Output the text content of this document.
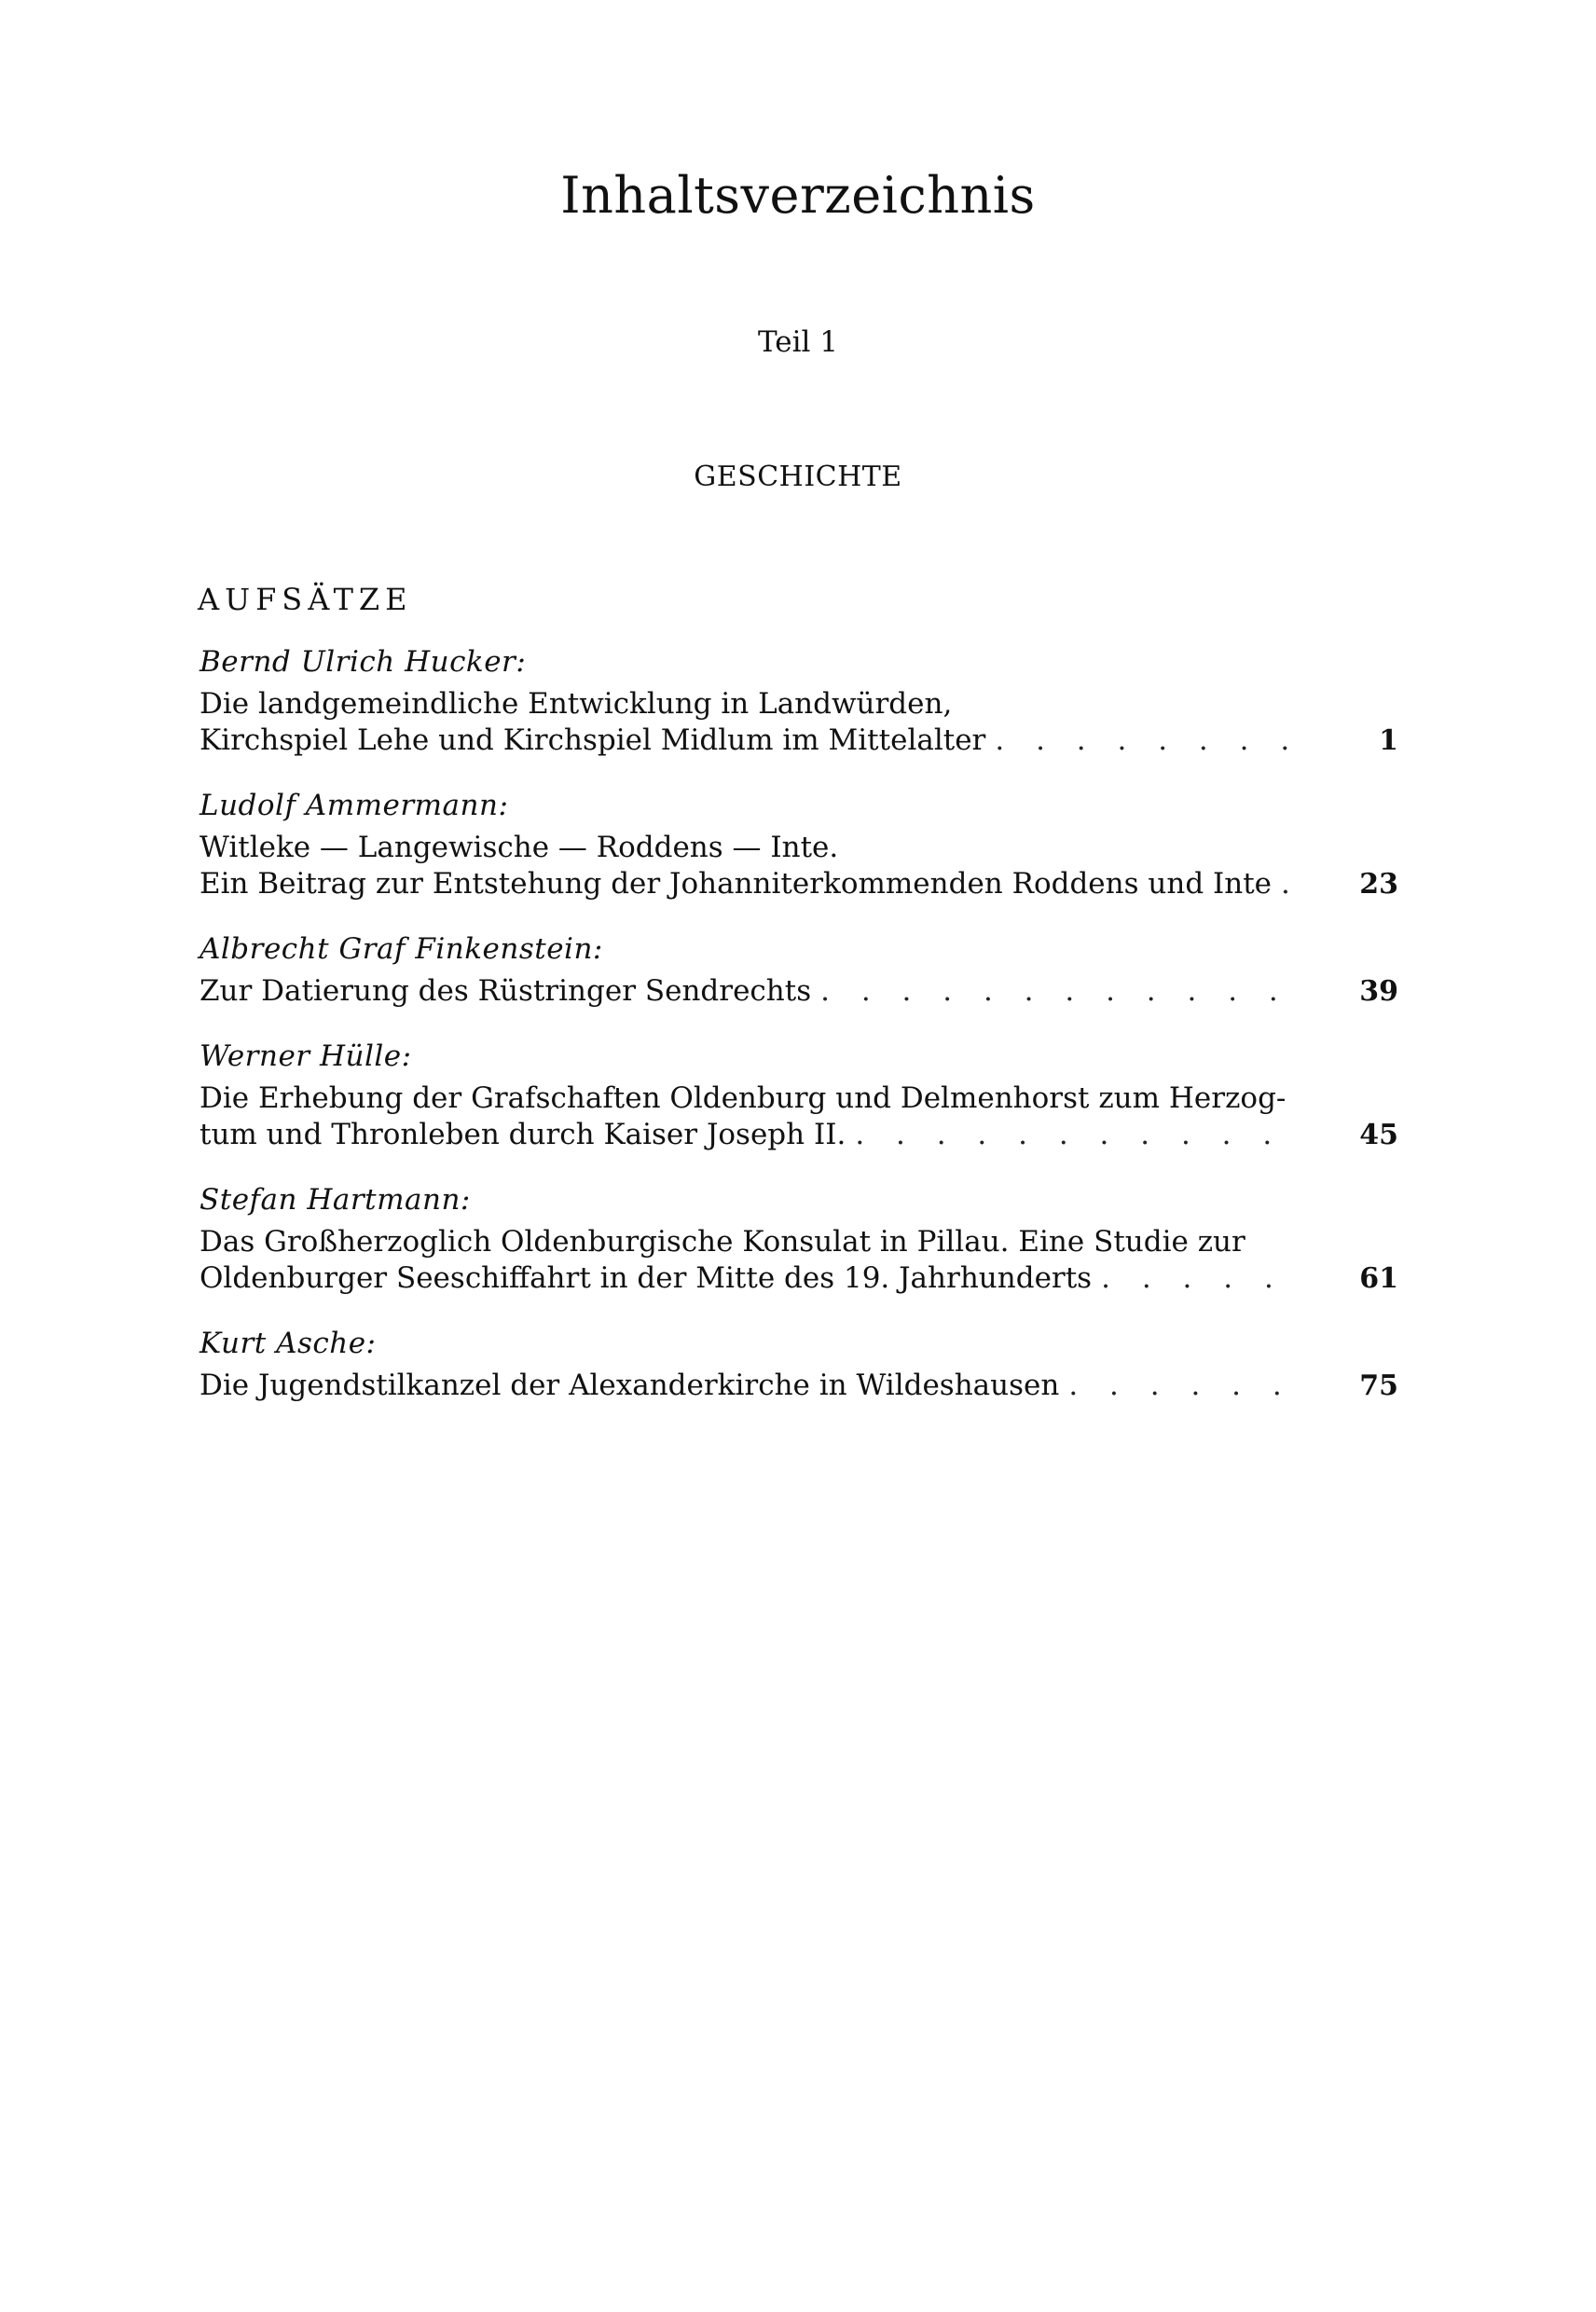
Inhaltsverzeichnis
Teil 1
GESCHICHTE
AUFSÄTZE
Bernd Ulrich Hucker:
Die landgemeindliche Entwicklung in Landwürden,
Kirchspiel Lehe und Kirchspiel Midlum im Mittelalter . . .	1
Ludolf Ammermann:
Witleke — Langewische — Roddens — Inte.
Ein Beitrag zur Entstehung der Johanniterkommenden Roddens und Inte . . .	23
Albrecht Graf Finkenstein:
Zur Datierung des Rüstringer Sendrechts . . .	39
Werner Hülle:
Die Erhebung der Grafschaften Oldenburg und Delmenhorst zum Herzog-
tum und Thronleben durch Kaiser Joseph II. . . .	45
Stefan Hartmann:
Das Großherzoglich Oldenburgische Konsulat in Pillau. Eine Studie zur
Oldenburger Seeschiffahrt in der Mitte des 19. Jahrhunderts . . .	61
Kurt Asche:
Die Jugendstilkanzel der Alexanderkirche in Wildeshausen . . .	75
